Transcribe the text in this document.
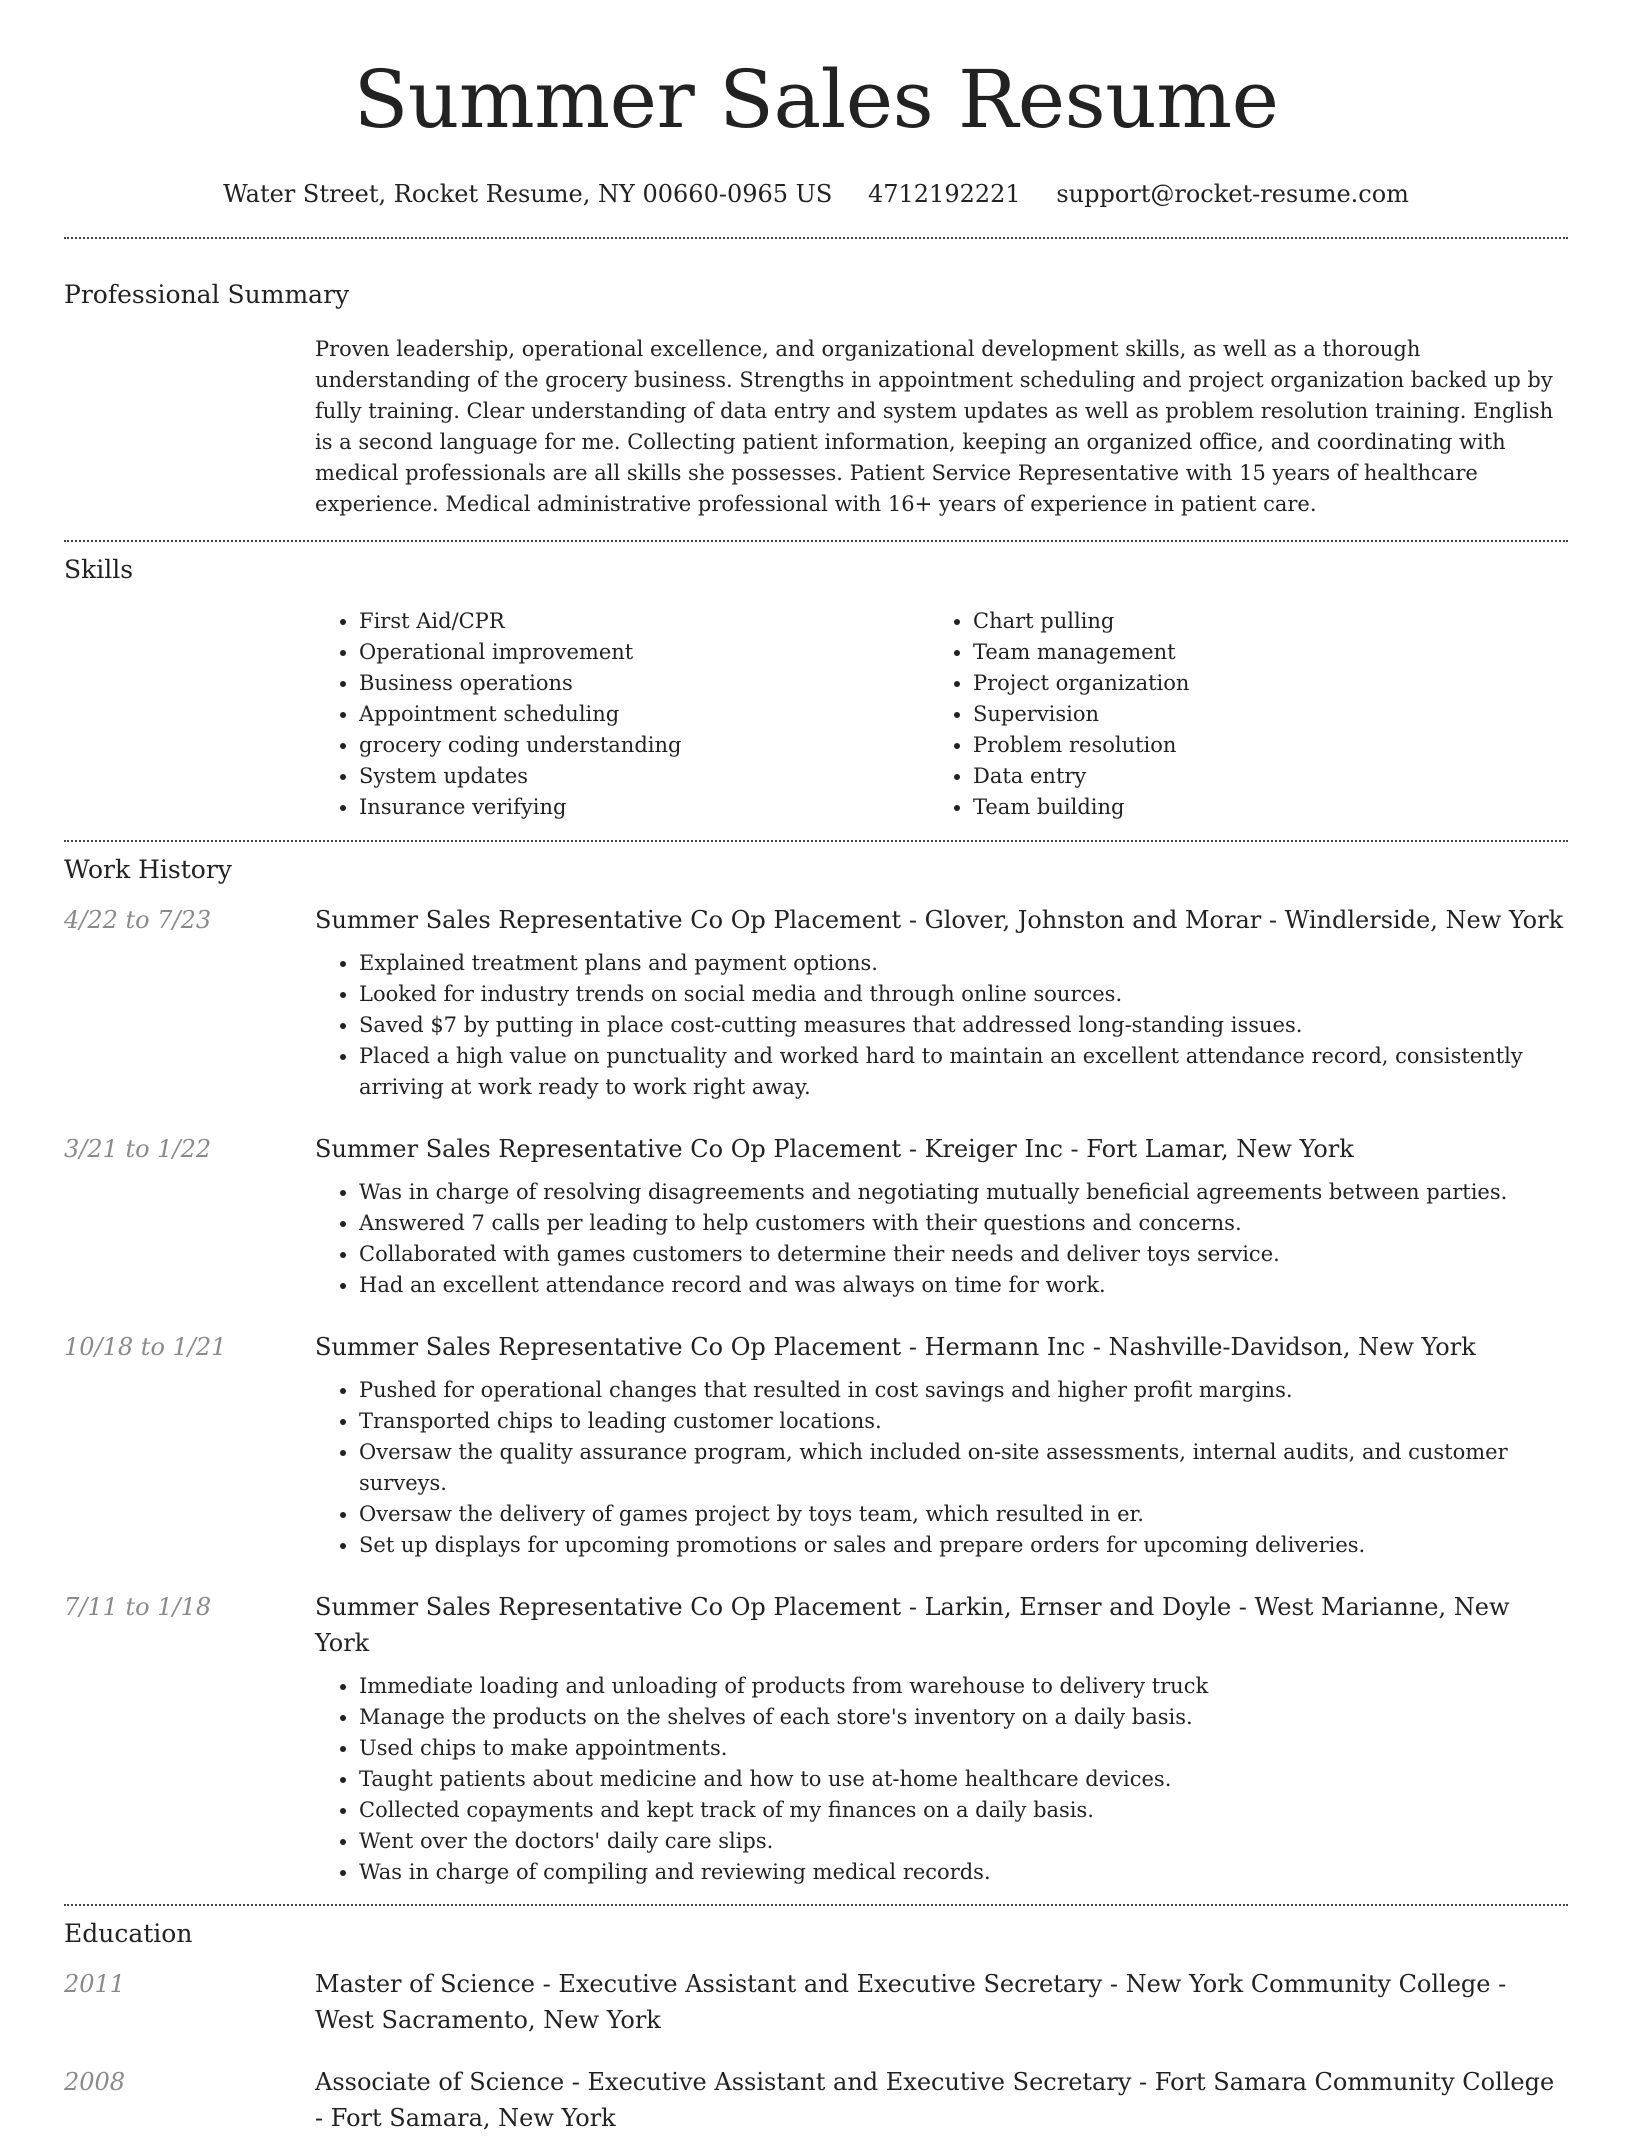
Summer Sales Resume
Water Street, Rocket Resume, NY 00660-0965 US 4712192221 support@rocket-resume.com
Professional Summary
Proven leadership, operational excellence, and organizational development skills, as well as a thorough understanding of the grocery business. Strengths in appointment scheduling and project organization backed up by fully training. Clear understanding of data entry and system updates as well as problem resolution training. English is a second language for me. Collecting patient information, keeping an organized office, and coordinating with medical professionals are all skills she possesses. Patient Service Representative with 15 years of healthcare experience. Medical administrative professional with 16+ years of experience in patient care.
Skills
• First Aid/CPR
• Operational improvement
• Business operations
• Appointment scheduling
• grocery coding understanding
• System updates
• Insurance verifying
• Chart pulling
• Team management
• Project organization
• Supervision
• Problem resolution
• Data entry
• Team building
Work History
4/22 to 7/23	Summer Sales Representative Co Op Placement - Glover, Johnston and Morar - Windlerside, New York
• Explained treatment plans and payment options.
• Looked for industry trends on social media and through online sources.
• Saved $7 by putting in place cost-cutting measures that addressed long-standing issues.
• Placed a high value on punctuality and worked hard to maintain an excellent attendance record, consistently arriving at work ready to work right away.
3/21 to 1/22	Summer Sales Representative Co Op Placement - Kreiger Inc - Fort Lamar, New York
• Was in charge of resolving disagreements and negotiating mutually beneficial agreements between parties.
• Answered 7 calls per leading to help customers with their questions and concerns.
• Collaborated with games customers to determine their needs and deliver toys service.
• Had an excellent attendance record and was always on time for work.
10/18 to 1/21	Summer Sales Representative Co Op Placement - Hermann Inc - Nashville-Davidson, New York
• Pushed for operational changes that resulted in cost savings and higher profit margins.
• Transported chips to leading customer locations.
• Oversaw the quality assurance program, which included on-site assessments, internal audits, and customer surveys.
• Oversaw the delivery of games project by toys team, which resulted in er.
• Set up displays for upcoming promotions or sales and prepare orders for upcoming deliveries.
7/11 to 1/18	Summer Sales Representative Co Op Placement - Larkin, Ernser and Doyle - West Marianne, New York
• Immediate loading and unloading of products from warehouse to delivery truck
• Manage the products on the shelves of each store's inventory on a daily basis.
• Used chips to make appointments.
• Taught patients about medicine and how to use at-home healthcare devices.
• Collected copayments and kept track of my finances on a daily basis.
• Went over the doctors' daily care slips.
• Was in charge of compiling and reviewing medical records.
Education
2011	Master of Science - Executive Assistant and Executive Secretary - New York Community College - West Sacramento, New York
2008	Associate of Science - Executive Assistant and Executive Secretary - Fort Samara Community College - Fort Samara, New York
